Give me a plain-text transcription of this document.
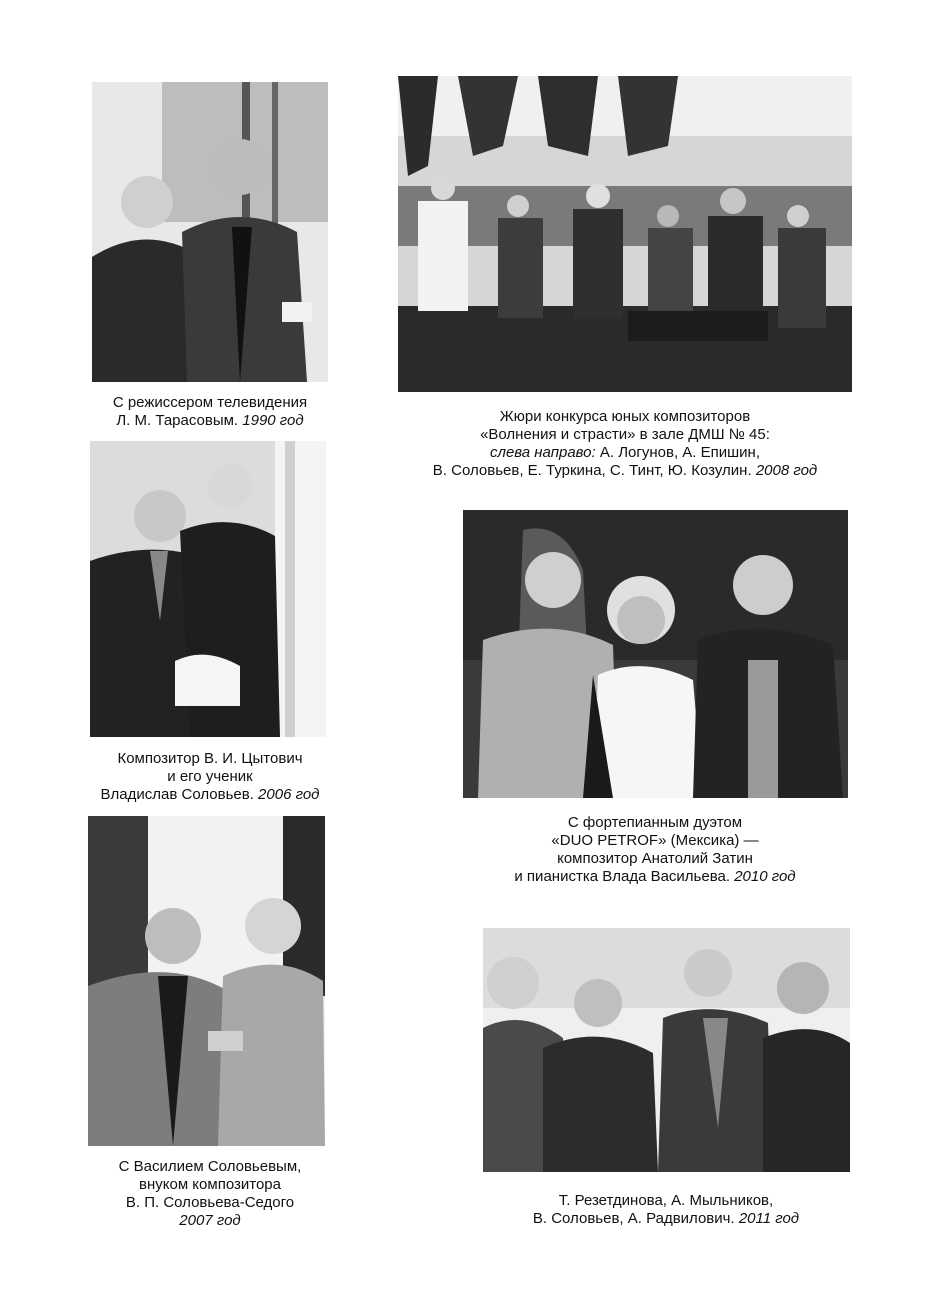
С режиссером телевидения
Л. М. Тарасовым. 1990 год	Жюри конкурса юных композиторов
«Волнения и страсти» в зале ДМШ № 45:
слева направо: А. Логунов, А. Епишин,
В. Соловьев, Е. Туркина, С. Тинт, Ю. Козулин. 2008 год
Композитор В. И. Цытович
и его ученик
Владислав Соловьев. 2006 год
С фортепианным дуэтом
«DUO PETROF» (Мексика) —
композитор Анатолий Затин
и пианистка Влада Васильева. 2010 год
С Василием Соловьевым,
внуком композитора
В. П. Соловьева-Седого
2007 год
Т. Резетдинова, А. Мыльников,
В. Соловьев, А. Радвилович. 2011 год
